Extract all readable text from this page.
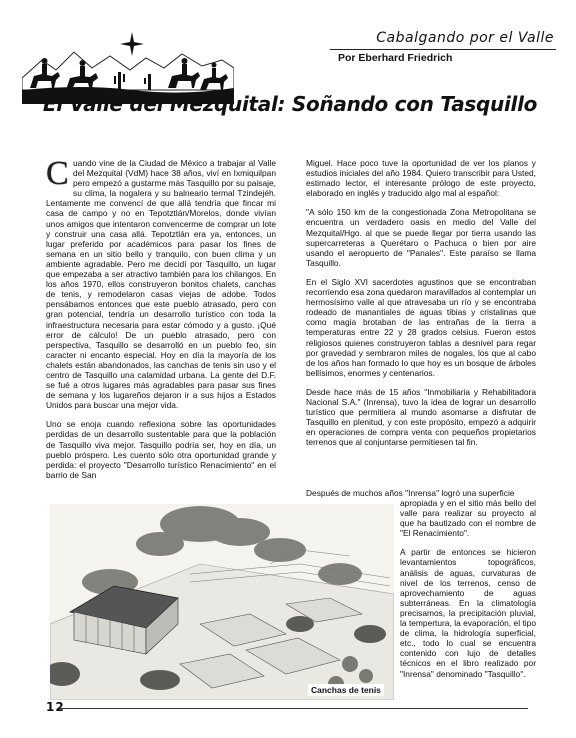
Cabalgando por el Valle
Por Eberhard Friedrich
El Valle del Mezquital: Soñando con Tasquillo

Cuando vine de la Ciudad de México a trabajar al Valle del Mezquital (VdM) hace 38 años, viví en Ixmiquilpan pero empezó a gustarme más Tasquillo por su paisaje, su clima, la nogalera y su balneario termal Tzindejéh. Lentamente me convencí de que allá tendría que fincar mi casa de campo y no en Tepotztlán/Morelos, donde vivían unos amigos que intentaron convencerme de comprar un lote y construir una casa allá. Tepotztlán era ya, entonces, un lugar preferido por académicos para pasar los fines de semana en un sitio bello y tranquilo, con buen clima y un ambiente agradable. Pero me decidí por Tasquillo, un lugar que empezaba a ser atractivo también para los chilangos. En los años 1970, ellos construyeron bonitos chalets, canchas de tenis, y remodelaron casas viejas de adobe. Todos pensábamos entonces que este pueblo atrasado, pero con gran potencial, tendría un desarrollo turístico con toda la infraestructura necesaria para estar cómodo y a gusto. ¡Qué error de cálculo! De un pueblo atrasado, pero con perspectiva, Tasquillo se desarrolló en un pueblo feo, sin caracter ni encanto especial. Hoy en día la mayoría de los chalets están abandonados, las canchas de tenis sin uso y el centro de Tasquillo una calamidad urbana. La gente del D.F. se fué a otros lugares más agradables para pasar sus fines de semana y los lugareños dejaron ir a sus hijos a Estados Unidos para buscar una mejor vida.

Uno se enoja cuando reflexiona sobre las oportunidades perdidas de un desarrollo sustentable para que la población de Tasquillo viva mejor. Tasquillo podría ser, hoy en día, un pueblo próspero. Les cuento sólo otra oportunidad grande y perdida: el proyecto "Desarrollo turístico Renacimiento" en el barrio de San

Miguel. Hace poco tuve la oportunidad de ver los planos y estudios iniciales del año 1984. Quiero transcribir para Usted, estimado lector, el interesante prólogo de este proyecto, elaborado en inglés y traducido algo mal al español:

"A sólo 150 km de la congestionada Zona Metropolitana se encuentra un verdadero oasis en medio del Valle del Mezquital/Hgo. al que se puede llegar por tierra usando las supercarreteras a Querétaro o Pachuca o bien por aire usando el aeropuerto de "Panales". Este paraíso se llama Tasquillo.

En el Siglo XVI sacerdotes agustinos que se encontraban recorriendo esa zona quedaron maravillados al contemplar un hermosísimo valle al que atravesaba un río y se encontraba rodeado de manantiales de aguas tibias y cristalinas que como magia brotaban de las entrañas de la tierra a temperaturas entre 22 y 28 grados celsius. Fueron estos religiosos quienes construyeron tablas a desnivel para regar por gravedad y sembraron miles de nogales, los que al cabo de los años han formado lo que hoy es un bosque de árboles bellísimos, enormes y centenarios.

Desde hace más de 15 años "Inmobiliaria y Rehabilitadora Nacional S.A." (Inrensa), tuvo la idea de lograr un desarrollo turístico que permitiera al mundo asomarse a disfrutar de Tasquillo en plenitud, y con este propósito, empezó a adquirir en operaciones de compra venta con pequeños propietarios terrenos que al conjuntarse permitiesen tal fin.

Después de muchos años "Inrensa" logró una superficie

Canchas de tenis

apropiada y en el sitio más bello del valle para realizar su proyecto al que ha bautizado con el nombre de "El Renacimiento".

A partir de entonces se hicieron levantamientos topográficos, análisis de aguas, curvaturas de nivel de los terrenos, censo de aprovechamiento de aguas subterráneas. En la climatología precisamos, la precipitación pluvial, la tempertura, la evaporación, el tipo de clima, la hidrología superficial, etc., todo lo cual se encuentra contenido con lujo de detalles técnicos en el libro realizado por "Inrensa" denominado "Tasquillo".

12
